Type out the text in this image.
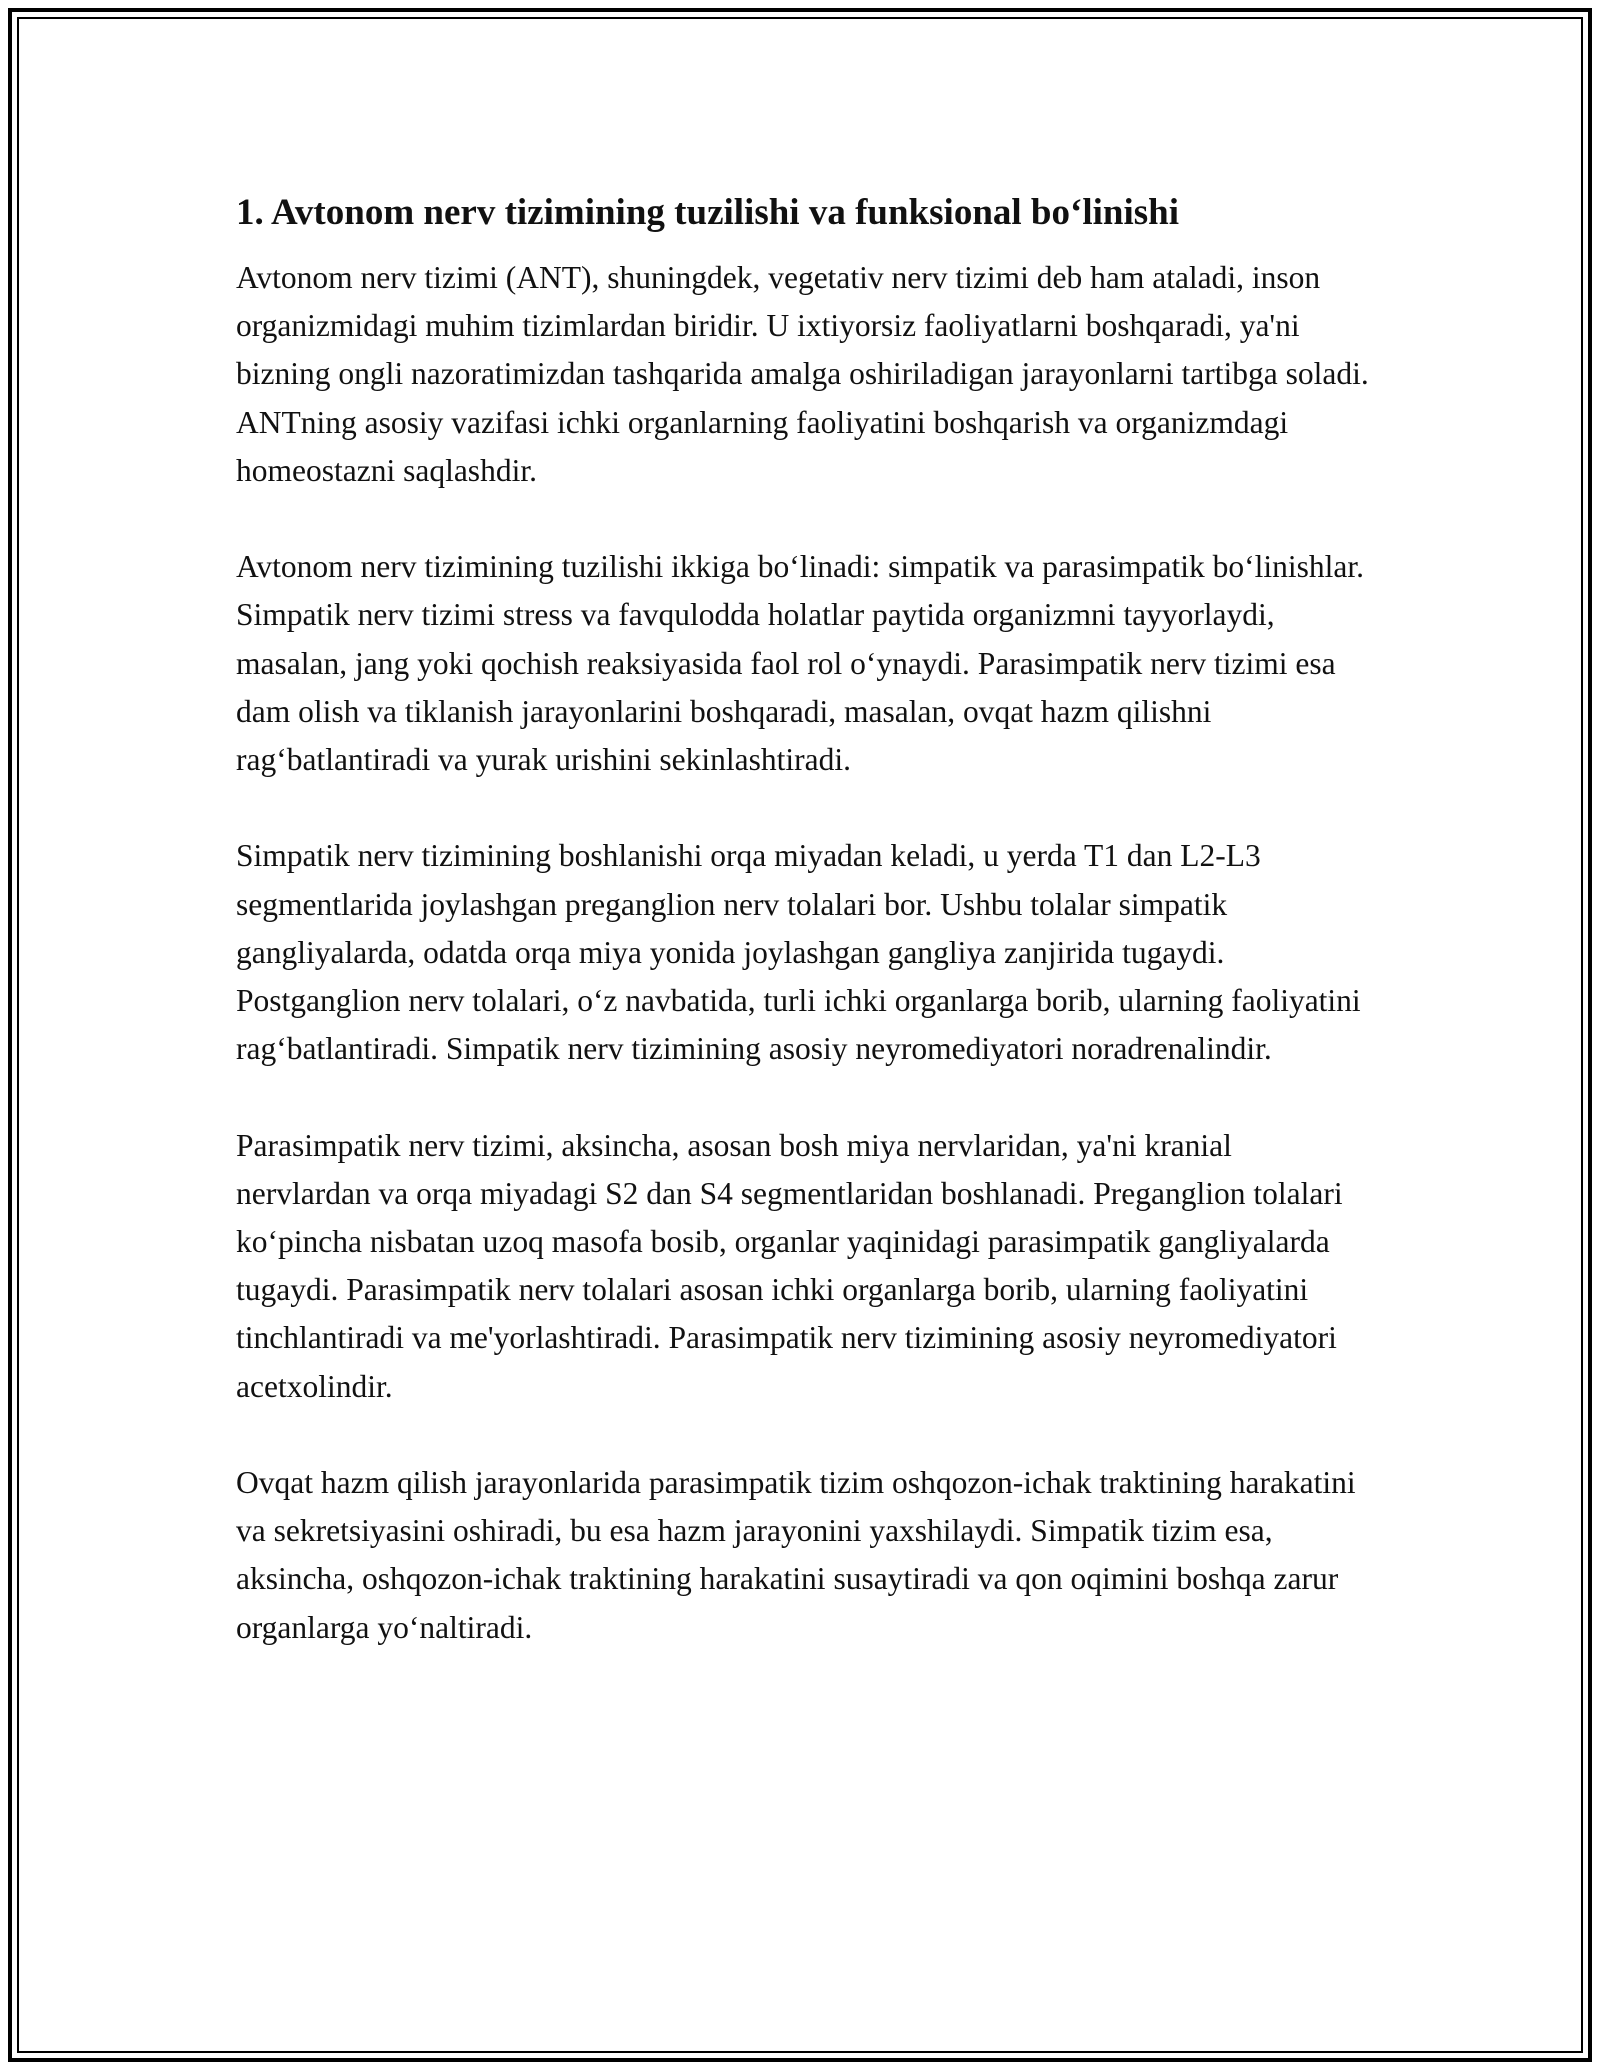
1. Avtonom nerv tizimining tuzilishi va funksional bo‘linishi

Avtonom nerv tizimi (ANT), shuningdek, vegetativ nerv tizimi deb ham ataladi, inson organizmidagi muhim tizimlardan biridir. U ixtiyorsiz faoliyatlarni boshqaradi, ya'ni bizning ongli nazoratimizdan tashqarida amalga oshiriladigan jarayonlarni tartibga soladi. ANTning asosiy vazifasi ichki organlarning faoliyatini boshqarish va organizmdagi homeostazni saqlashdir.

Avtonom nerv tizimining tuzilishi ikkiga bo‘linadi: simpatik va parasimpatik bo‘linishlar. Simpatik nerv tizimi stress va favqulodda holatlar paytida organizmni tayyorlaydi, masalan, jang yoki qochish reaksiyasida faol rol o‘ynaydi. Parasimpatik nerv tizimi esa dam olish va tiklanish jarayonlarini boshqaradi, masalan, ovqat hazm qilishni rag‘batlantiradi va yurak urishini sekinlashtiradi.

Simpatik nerv tizimining boshlanishi orqa miyadan keladi, u yerda T1 dan L2-L3 segmentlarida joylashgan preganglion nerv tolalari bor. Ushbu tolalar simpatik gangliyalarda, odatda orqa miya yonida joylashgan gangliya zanjirida tugaydi. Postganglion nerv tolalari, o‘z navbatida, turli ichki organlarga borib, ularning faoliyatini rag‘batlantiradi. Simpatik nerv tizimining asosiy neyromediyatori noradrenalindir.

Parasimpatik nerv tizimi, aksincha, asosan bosh miya nervlaridan, ya'ni kranial nervlardan va orqa miyadagi S2 dan S4 segmentlaridan boshlanadi. Preganglion tolalari ko‘pincha nisbatan uzoq masofa bosib, organlar yaqinidagi parasimpatik gangliyalarda tugaydi. Parasimpatik nerv tolalari asosan ichki organlarga borib, ularning faoliyatini tinchlantiradi va me'yorlashtiradi. Parasimpatik nerv tizimining asosiy neyromediyatori acetxolindir.

Ovqat hazm qilish jarayonlarida parasimpatik tizim oshqozon-ichak traktining harakatini va sekretsiyasini oshiradi, bu esa hazm jarayonini yaxshilaydi. Simpatik tizim esa, aksincha, oshqozon-ichak traktining harakatini susaytiradi va qon oqimini boshqa zarur organlarga yo‘naltiradi.
